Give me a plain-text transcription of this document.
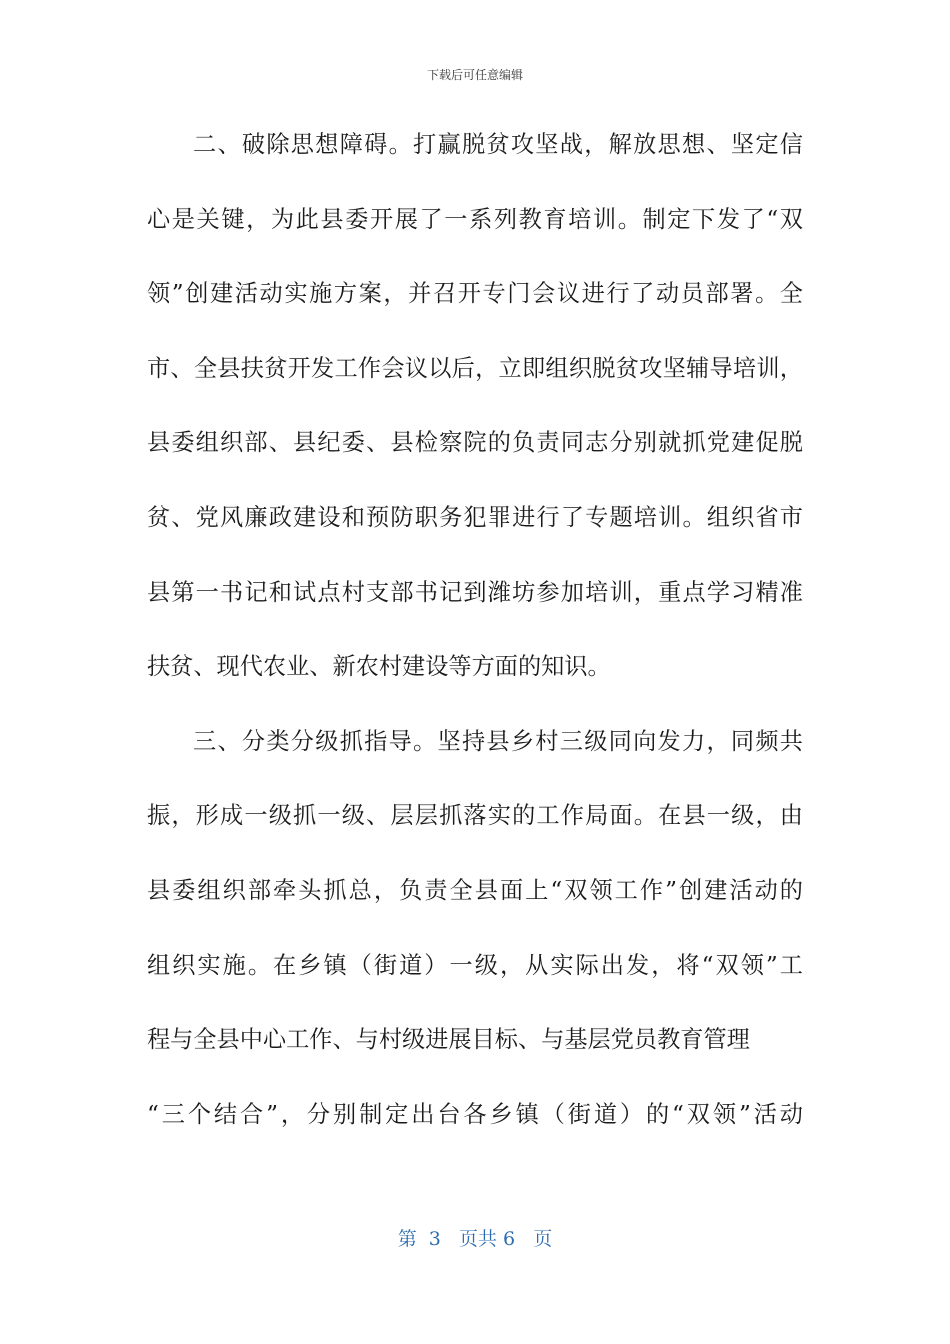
下载后可任意编辑
二、破除思想障碍。打赢脱贫攻坚战，解放思想、坚定信
心是关键，为此县委开展了一系列教育培训。制定下发了“双
领”创建活动实施方案，并召开专门会议进行了动员部署。全
市、全县扶贫开发工作会议以后，立即组织脱贫攻坚辅导培训，
县委组织部、县纪委、县检察院的负责同志分别就抓党建促脱
贫、党风廉政建设和预防职务犯罪进行了专题培训。组织省市
县第一书记和试点村支部书记到潍坊参加培训，重点学习精准
扶贫、现代农业、新农村建设等方面的知识。
三、分类分级抓指导。坚持县乡村三级同向发力，同频共
振，形成一级抓一级、层层抓落实的工作局面。在县一级，由
县委组织部牵头抓总，负责全县面上“双领工作”创建活动的
组织实施。在乡镇（街道）一级，从实际出发，将“双领”工
程与全县中心工作、与村级进展目标、与基层党员教育管理
“三个结合”，分别制定出台各乡镇（街道）的“双领”活动
第  3   页共 6   页
